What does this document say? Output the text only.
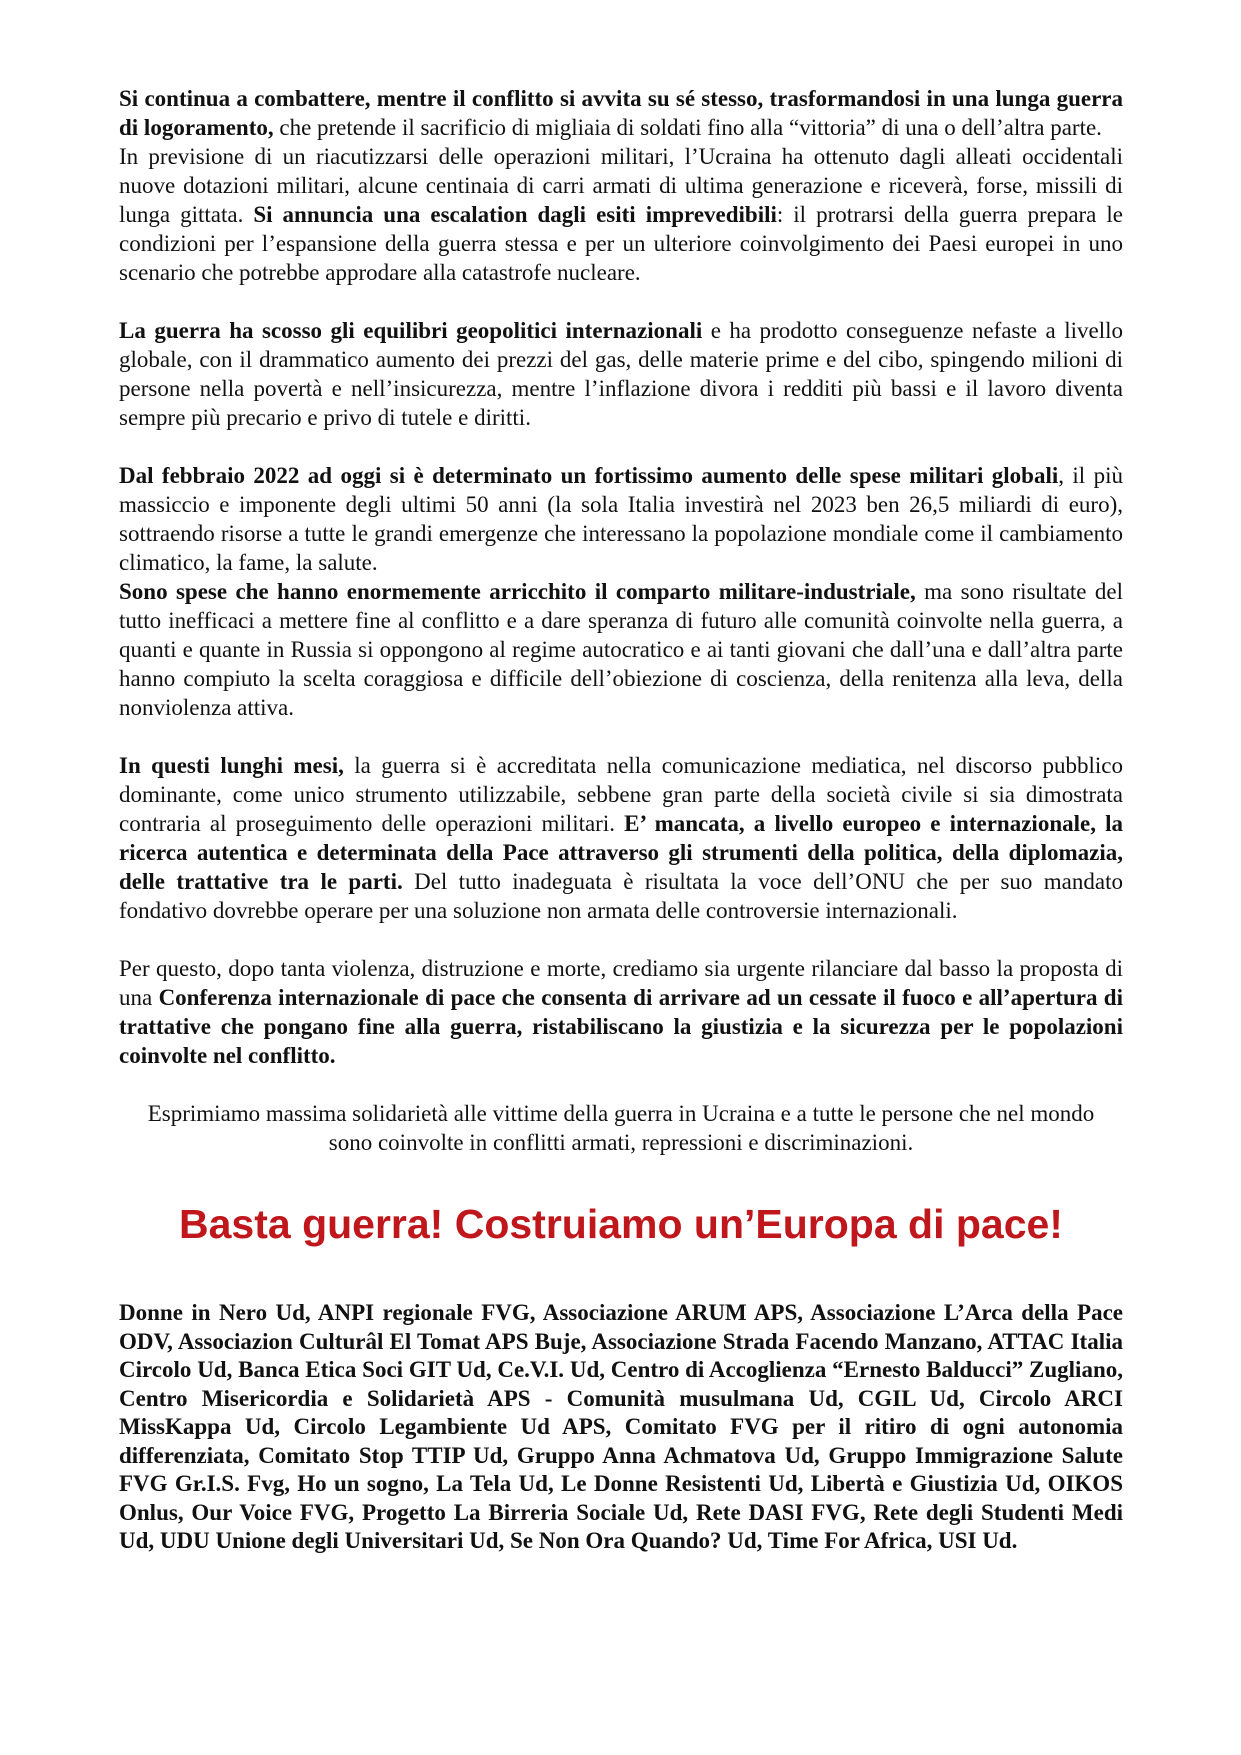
Si continua a combattere, mentre il conflitto si avvita su sé stesso, trasformandosi in una lunga guerra di logoramento, che pretende il sacrificio di migliaia di soldati fino alla “vittoria” di una o dell’altra parte.

In previsione di un riacutizzarsi delle operazioni militari, l’Ucraina ha ottenuto dagli alleati occidentali nuove dotazioni militari, alcune centinaia di carri armati di ultima generazione e riceverà, forse, missili di lunga gittata. Si annuncia una escalation dagli esiti imprevedibili: il protrarsi della guerra prepara le condizioni per l’espansione della guerra stessa e per un ulteriore coinvolgimento dei Paesi europei in uno scenario che potrebbe approdare alla catastrofe nucleare.

La guerra ha scosso gli equilibri geopolitici internazionali e ha prodotto conseguenze nefaste a livello globale, con il drammatico aumento dei prezzi del gas, delle materie prime e del cibo, spingendo milioni di persone nella povertà e nell’insicurezza, mentre l’inflazione divora i redditi più bassi e il lavoro diventa sempre più precario e privo di tutele e diritti.

Dal febbraio 2022 ad oggi si è determinato un fortissimo aumento delle spese militari globali, il più massiccio e imponente degli ultimi 50 anni (la sola Italia investirà nel 2023 ben 26,5 miliardi di euro), sottraendo risorse a tutte le grandi emergenze che interessano la popolazione mondiale come il cambiamento climatico, la fame, la salute.

Sono spese che hanno enormemente arricchito il comparto militare-industriale, ma sono risultate del tutto inefficaci a mettere fine al conflitto e a dare speranza di futuro alle comunità coinvolte nella guerra, a quanti e quante in Russia si oppongono al regime autocratico e ai tanti giovani che dall’una e dall’altra parte hanno compiuto la scelta coraggiosa e difficile dell’obiezione di coscienza, della renitenza alla leva, della nonviolenza attiva.

In questi lunghi mesi, la guerra si è accreditata nella comunicazione mediatica, nel discorso pubblico dominante, come unico strumento utilizzabile, sebbene gran parte della società civile si sia dimostrata contraria al proseguimento delle operazioni militari. E’ mancata, a livello europeo e internazionale, la ricerca autentica e determinata della Pace attraverso gli strumenti della politica, della diplomazia, delle trattative tra le parti. Del tutto inadeguata è risultata la voce dell’ONU che per suo mandato fondativo dovrebbe operare per una soluzione non armata delle controversie internazionali.

Per questo, dopo tanta violenza, distruzione e morte, crediamo sia urgente rilanciare dal basso la proposta di una Conferenza internazionale di pace che consenta di arrivare ad un cessate il fuoco e all’apertura di trattative che pongano fine alla guerra, ristabiliscano la giustizia e la sicurezza per le popolazioni coinvolte nel conflitto.

Esprimiamo massima solidarietà alle vittime della guerra in Ucraina e a tutte le persone che nel mondo sono coinvolte in conflitti armati, repressioni e discriminazioni.

Basta guerra! Costruiamo un’Europa di pace!

Donne in Nero Ud, ANPI regionale FVG, Associazione ARUM APS, Associazione L’Arca della Pace ODV, Associazion Culturâl El Tomat APS Buje, Associazione Strada Facendo Manzano, ATTAC Italia Circolo Ud, Banca Etica Soci GIT Ud, Ce.V.I. Ud, Centro di Accoglienza “Ernesto Balducci” Zugliano, Centro Misericordia e Solidarietà APS - Comunità musulmana Ud, CGIL Ud, Circolo ARCI MissKappa Ud, Circolo Legambiente Ud APS, Comitato FVG per il ritiro di ogni autonomia differenziata, Comitato Stop TTIP Ud, Gruppo Anna Achmatova Ud, Gruppo Immigrazione Salute FVG Gr.I.S. Fvg, Ho un sogno, La Tela Ud, Le Donne Resistenti Ud, Libertà e Giustizia Ud, OIKOS Onlus, Our Voice FVG, Progetto La Birreria Sociale Ud, Rete DASI FVG, Rete degli Studenti Medi Ud, UDU Unione degli Universitari Ud, Se Non Ora Quando? Ud, Time For Africa, USI Ud.
